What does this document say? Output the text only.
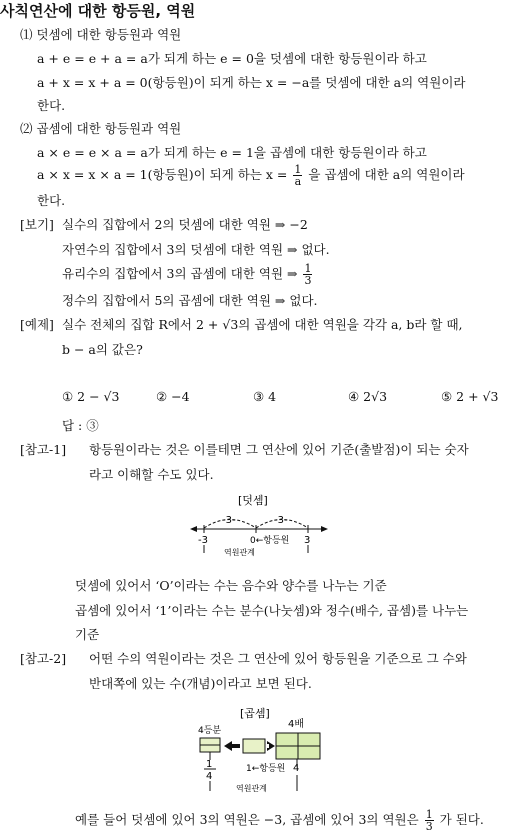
사칙연산에 대한 항등원, 역원
⑴ 덧셈에 대한 항등원과 역원
a + e = e + a = a가 되게 하는 e = 0을 덧셈에 대한 항등원이라 하고
a + x = x + a = 0(항등원)이 되게 하는 x = −a를 덧셈에 대한 a의 역원이라
한다.
⑵ 곱셈에 대한 항등원과 역원
a × e = e × a = a가 되게 하는 e = 1을 곱셈에 대한 항등원이라 하고
a × x = x × a = 1(항등원)이 되게 하는 $x = \frac{1}{a}$ 을 곱셈에 대한 a의 역원이라
한다.
[보기] 실수의 집합에서 2의 덧셈에 대한 역원 ⇒ −2
자연수의 집합에서 3의 덧셈에 대한 역원 ⇒ 없다.
유리수의 집합에서 3의 곱셈에 대한 역원 ⇒ $\frac{1}{3}$
정수의 집합에서 5의 곱셈에 대한 역원 ⇒ 없다.
[예제] 실수 전체의 집합 R에서 2 + √3의 곱셈에 대한 역원을 각각 a, b라 할 때,
b − a의 값은?
① 2 − √3	② −4	③ 4	④ 2√3	⑤ 2 + √3
답 : ③
[참고-1] 항등원이라는 것은 이를테면 그 연산에 있어 기준(출발점)이 되는 숫자
라고 이해할 수도 있다.
[덧셈]
-3-	-3-
-3	0←항등원 3
역원관계
덧셈에 있어서 ‘O’이라는 수는 음수와 양수를 나누는 기준
곱셈에 있어서 ‘1’이라는 수는 분수(나눗셈)와 정수(배수, 곱셈)를 나누는
기준
[참고-2] 어떤 수의 역원이라는 것은 그 연산에 있어 항등원을 기준으로 그 수와
반대쪽에 있는 수(개념)이라고 보면 된다.
[곱셈]
4등분
4배
1
4
1←항등원 4
역원관계
예를 들어 덧셈에 있어 3의 역원은 −3, 곱셈에 있어 3의 역원은 $\frac{1}{3}$ 가 된다.
